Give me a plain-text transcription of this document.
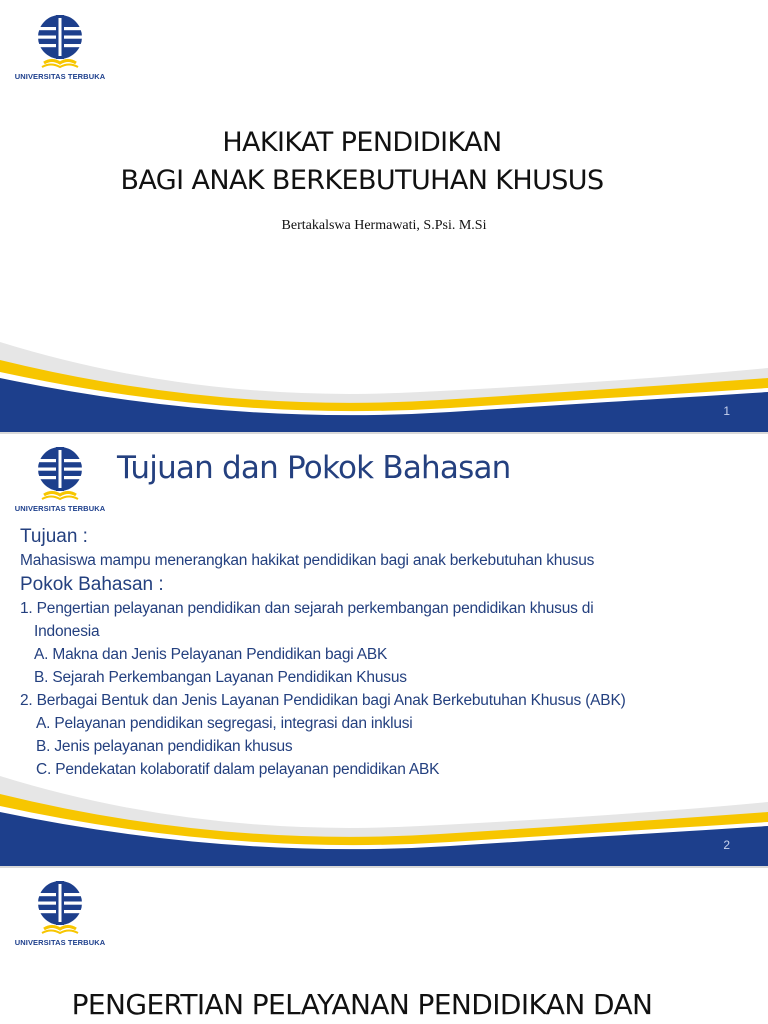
UNIVERSITAS TERBUKA
HAKIKAT PENDIDIKAN
BAGI ANAK BERKEBUTUHAN KHUSUS
Bertakalswa Hermawati, S.Psi. M.Si
1
UNIVERSITAS TERBUKA
Tujuan dan Pokok Bahasan
Tujuan :
Mahasiswa mampu menerangkan hakikat pendidikan bagi anak berkebutuhan khusus
Pokok Bahasan :
1. Pengertian pelayanan pendidikan dan sejarah perkembangan pendidikan khusus di
Indonesia
A. Makna dan Jenis Pelayanan Pendidikan bagi ABK
B. Sejarah Perkembangan Layanan Pendidikan Khusus
2. Berbagai Bentuk dan Jenis Layanan Pendidikan bagi Anak Berkebutuhan Khusus (ABK)
A. Pelayanan pendidikan segregasi, integrasi dan inklusi
B. Jenis pelayanan pendidikan khusus
C. Pendekatan kolaboratif dalam pelayanan pendidikan ABK
2
UNIVERSITAS TERBUKA
PENGERTIAN PELAYANAN PENDIDIKAN DAN
